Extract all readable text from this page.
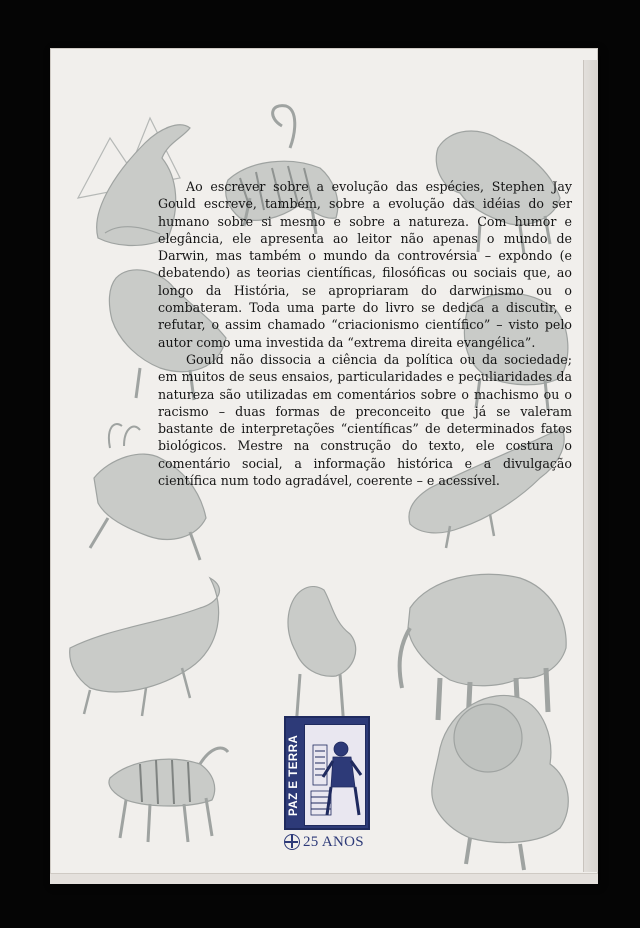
Ao escrever sobre a evolução das espécies, Stephen Jay Gould escreve, também, sobre a evolução das idéias do ser humano sobre si mesmo e sobre a natureza. Com humor e elegância, ele apresenta ao leitor não apenas o mundo de Darwin, mas também o mundo da controvérsia – expondo (e debatendo) as teorias científicas, filosóficas ou sociais que, ao longo da História, se apropriaram do darwinismo ou o combateram. Toda uma parte do livro se dedica a discutir, e refutar, o assim chamado “criacionismo científico” – visto pelo autor como uma investida da “extrema direita evangélica”.

Gould não dissocia a ciência da política ou da sociedade; em muitos de seus ensaios, particularidades e peculiaridades da natureza são utilizadas em comentários sobre o machismo ou o racismo – duas formas de preconceito que já se valeram bastante de interpretações “científicas” de determinados fatos biológicos. Mestre na construção do texto, ele costura o comentário social, a informação histórica e a divulgação científica num todo agradável, coerente – e acessível.

PAZ E TERRA
25 ANOS
